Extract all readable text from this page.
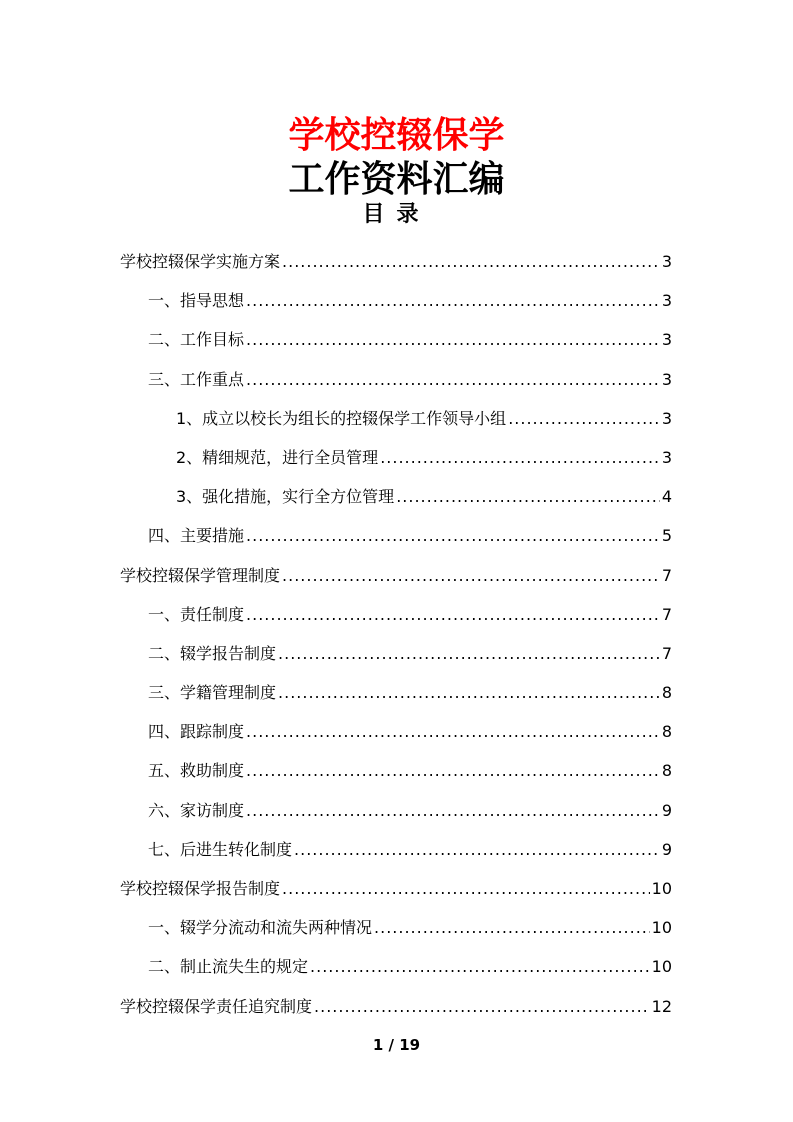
学校控辍保学
工作资料汇编
目录
学校控辍保学实施方案 .....	3
一、指导思想 .....	3
二、工作目标 .....	3
三、工作重点 .....	3
1、成立以校长为组长的控辍保学工作领导小组 .....	3
2、精细规范，进行全员管理 .....	3
3、强化措施，实行全方位管理 .....	4
四、主要措施 .....	5
学校控辍保学管理制度 .....	7
一、责任制度 .....	7
二、辍学报告制度 .....	7
三、学籍管理制度 .....	8
四、跟踪制度 .....	8
五、救助制度 .....	8
六、家访制度 .....	9
七、后进生转化制度 .....	9
学校控辍保学报告制度 .....	10
一、辍学分流动和流失两种情况 .....	10
二、制止流失生的规定 .....	10
学校控辍保学责任追究制度 .....	12
1 / 19
